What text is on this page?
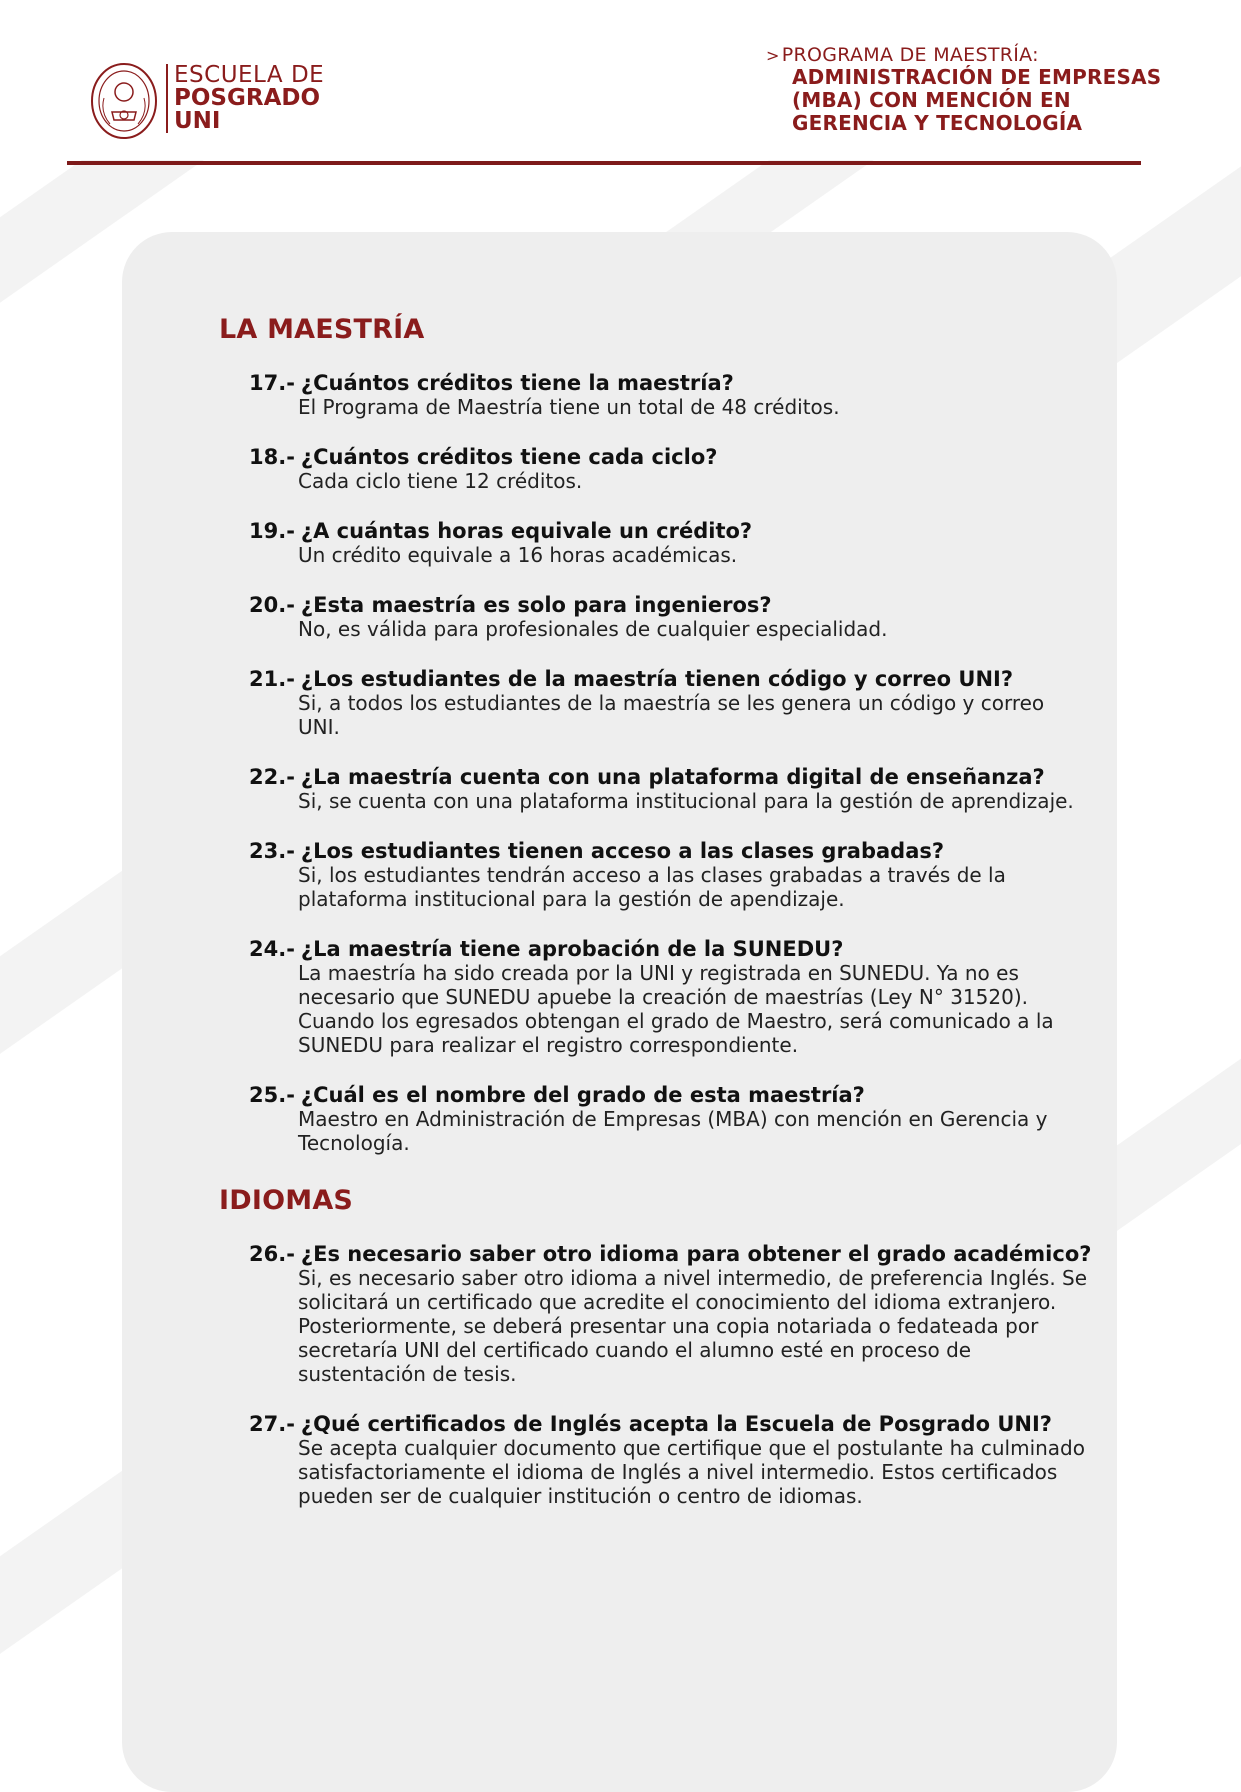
ESCUELA DE
POSGRADO
UNI
> PROGRAMA DE MAESTRÍA:
ADMINISTRACIÓN DE EMPRESAS
(MBA) CON MENCIÓN EN
GERENCIA Y TECNOLOGÍA
LA MAESTRÍA
17.- ¿Cuántos créditos tiene la maestría?
El Programa de Maestría tiene un total de 48 créditos.
18.- ¿Cuántos créditos tiene cada ciclo?
Cada ciclo tiene 12 créditos.
19.- ¿A cuántas horas equivale un crédito?
Un crédito equivale a 16 horas académicas.
20.- ¿Esta maestría es solo para ingenieros?
No, es válida para profesionales de cualquier especialidad.
21.- ¿Los estudiantes de la maestría tienen código y correo UNI?
Si, a todos los estudiantes de la maestría se les genera un código y correo UNI.
22.- ¿La maestría cuenta con una plataforma digital de enseñanza?
Si, se cuenta con una plataforma institucional para la gestión de aprendizaje.
23.- ¿Los estudiantes tienen acceso a las clases grabadas?
Si, los estudiantes tendrán acceso a las clases grabadas a través de la plataforma institucional para la gestión de apendizaje.
24.- ¿La maestría tiene aprobación de la SUNEDU?
La maestría ha sido creada por la UNI y registrada en SUNEDU. Ya no es necesario que SUNEDU apuebe la creación de maestrías (Ley N° 31520). Cuando los egresados obtengan el grado de Maestro, será comunicado a la SUNEDU para realizar el registro correspondiente.
25.- ¿Cuál es el nombre del grado de esta maestría?
Maestro en Administración de Empresas (MBA) con mención en Gerencia y Tecnología.
IDIOMAS
26.- ¿Es necesario saber otro idioma para obtener el grado académico?
Si, es necesario saber otro idioma a nivel intermedio, de preferencia Inglés. Se solicitará un certificado que acredite el conocimiento del idioma extranjero. Posteriormente, se deberá presentar una copia notariada o fedateada por secretaría UNI del certificado cuando el alumno esté en proceso de sustentación de tesis.
27.- ¿Qué certificados de Inglés acepta la Escuela de Posgrado UNI?
Se acepta cualquier documento que certifique que el postulante ha culminado satisfactoriamente el idioma de Inglés a nivel intermedio. Estos certificados pueden ser de cualquier institución o centro de idiomas.
